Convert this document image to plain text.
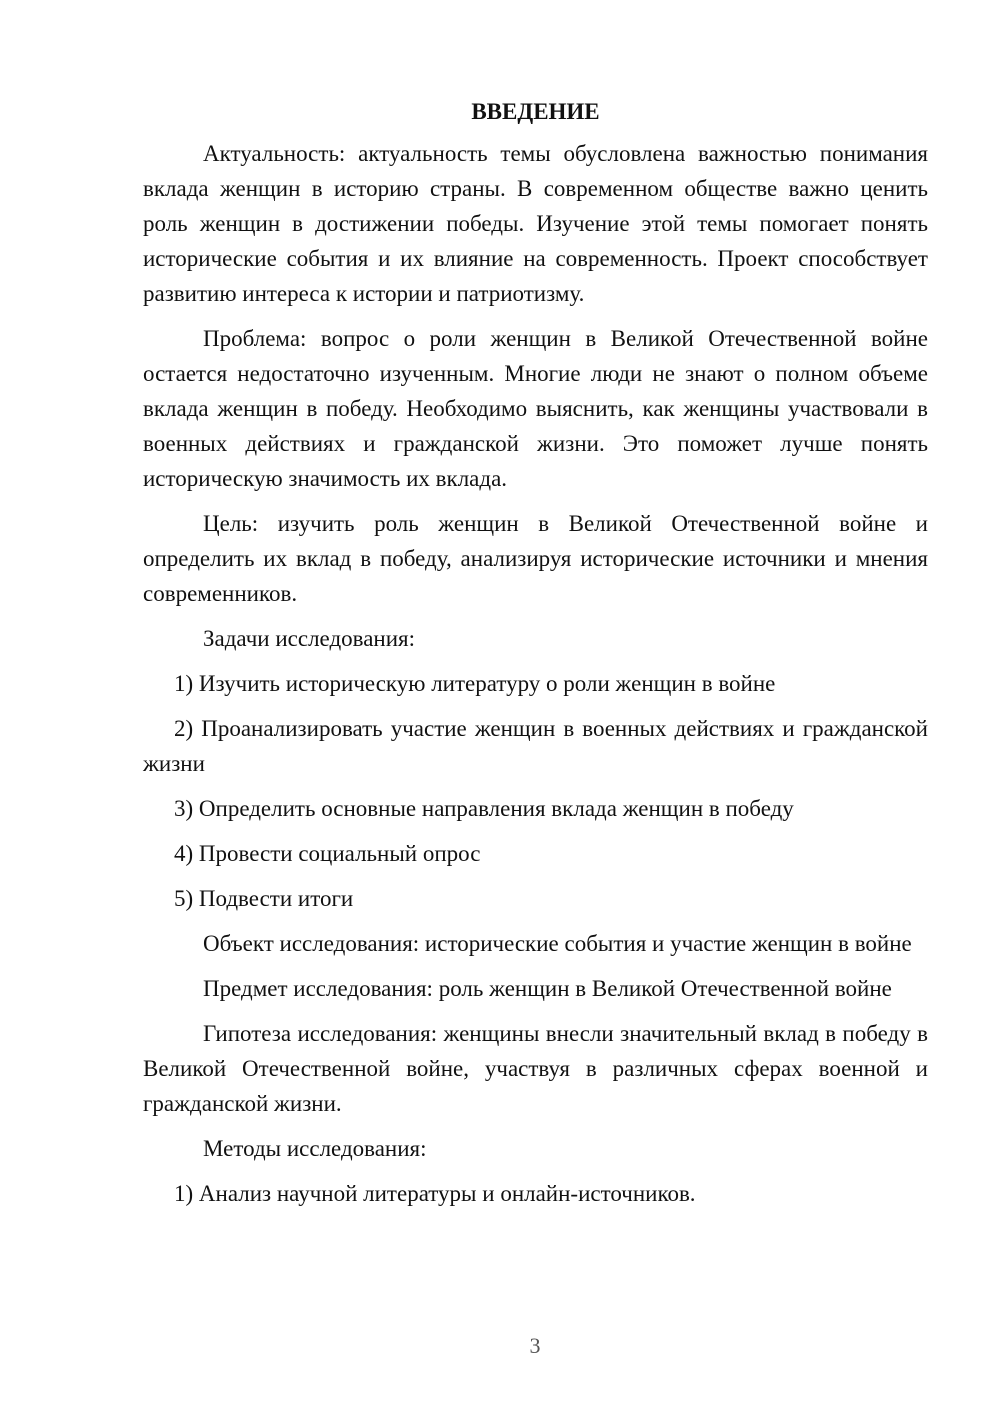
ВВЕДЕНИЕ

Актуальность: актуальность темы обусловлена важностью понимания вклада женщин в историю страны. В современном обществе важно ценить роль женщин в достижении победы. Изучение этой темы помогает понять исторические события и их влияние на современность. Проект способствует развитию интереса к истории и патриотизму.

Проблема: вопрос о роли женщин в Великой Отечественной войне остается недостаточно изученным. Многие люди не знают о полном объеме вклада женщин в победу. Необходимо выяснить, как женщины участвовали в военных действиях и гражданской жизни. Это поможет лучше понять историческую значимость их вклада.

Цель: изучить роль женщин в Великой Отечественной войне и определить их вклад в победу, анализируя исторические источники и мнения современников.

Задачи исследования:

1) Изучить историческую литературу о роли женщин в войне

2) Проанализировать участие женщин в военных действиях и гражданской жизни

3) Определить основные направления вклада женщин в победу

4) Провести социальный опрос

5) Подвести итоги

Объект исследования: исторические события и участие женщин в войне

Предмет исследования: роль женщин в Великой Отечественной войне

Гипотеза исследования: женщины внесли значительный вклад в победу в Великой Отечественной войне, участвуя в различных сферах военной и гражданской жизни.

Методы исследования:

1) Анализ научной литературы и онлайн-источников.

3
